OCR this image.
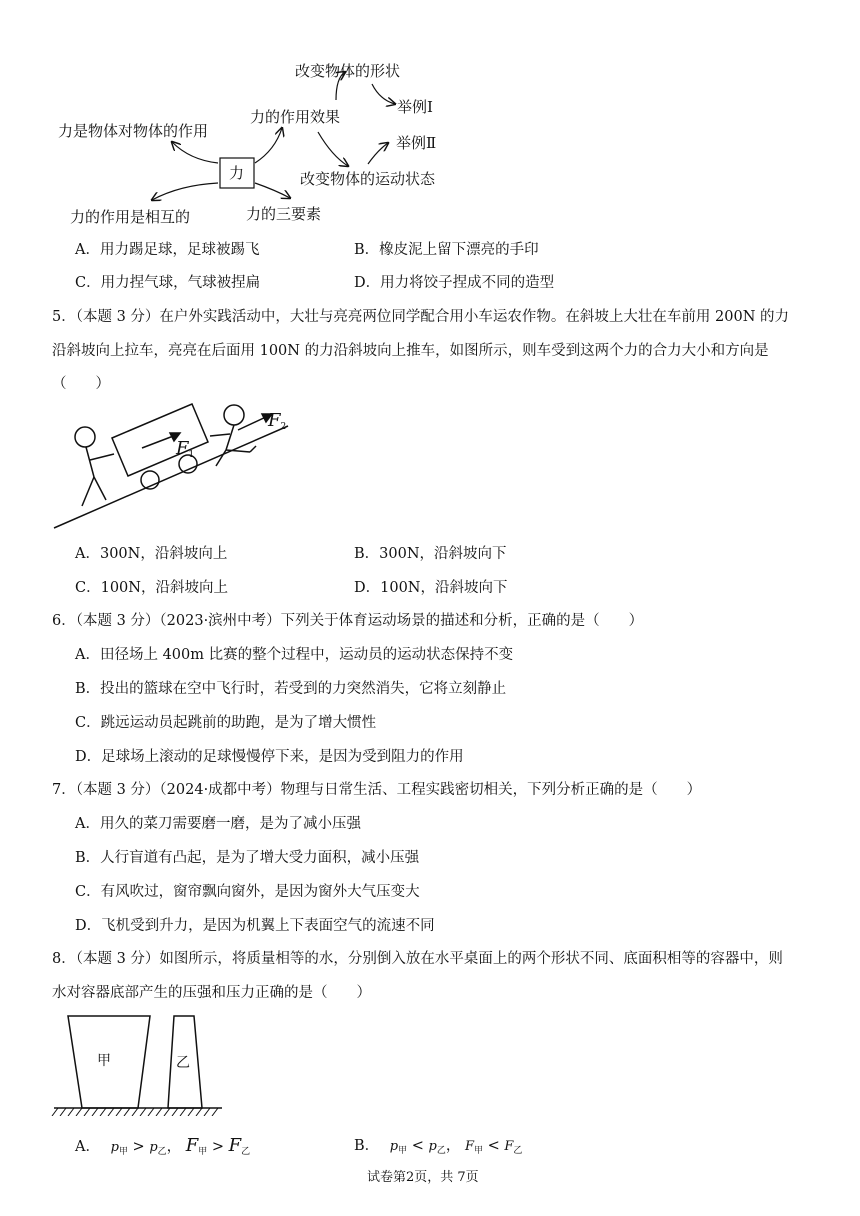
力
力的作用效果
改变物体的形状
举例Ⅰ
改变物体的运动状态
举例Ⅱ
力是物体对物体的作用
力的作用是相互的	力的三要素
A．用力踢足球，足球被踢飞	B．橡皮泥上留下漂亮的手印
C．用力捏气球，气球被捏扁	D．用力将饺子捏成不同的造型
5．（本题 3 分）在户外实践活动中，大壮与亮亮两位同学配合用小车运农作物。在斜坡上大壮在车前用 200N 的力
沿斜坡向上拉车，亮亮在后面用 100N 的力沿斜坡向上推车，如图所示，则车受到这两个力的合力大小和方向是
（　　）
$F_1$
$F_2$
A．300N，沿斜坡向上	B．300N，沿斜坡向下
C．100N，沿斜坡向上	D．100N，沿斜坡向下
6．（本题 3 分）（2023·滨州中考）下列关于体育运动场景的描述和分析，正确的是（　　）
A．田径场上 400m 比赛的整个过程中，运动员的运动状态保持不变
B．投出的篮球在空中飞行时，若受到的力突然消失，它将立刻静止
C．跳远运动员起跳前的助跑，是为了增大惯性
D．足球场上滚动的足球慢慢停下来，是因为受到阻力的作用
7．（本题 3 分）（2024·成都中考）物理与日常生活、工程实践密切相关，下列分析正确的是（　　）
A．用久的菜刀需要磨一磨，是为了减小压强
B．人行盲道有凸起，是为了增大受力面积，减小压强
C．有风吹过，窗帘飘向窗外，是因为窗外大气压变大
D．飞机受到升力，是因为机翼上下表面空气的流速不同
8．（本题 3 分）如图所示，将质量相等的水，分别倒入放在水平桌面上的两个形状不同、底面积相等的容器中，则
水对容器底部产生的压强和压力正确的是（　　）
甲	乙
A． $p_甲 > p_乙$， $F_甲 > F_乙$	B． $p_甲 < p_乙$， $F_甲 < F_乙$
试卷第2页，共 7页
